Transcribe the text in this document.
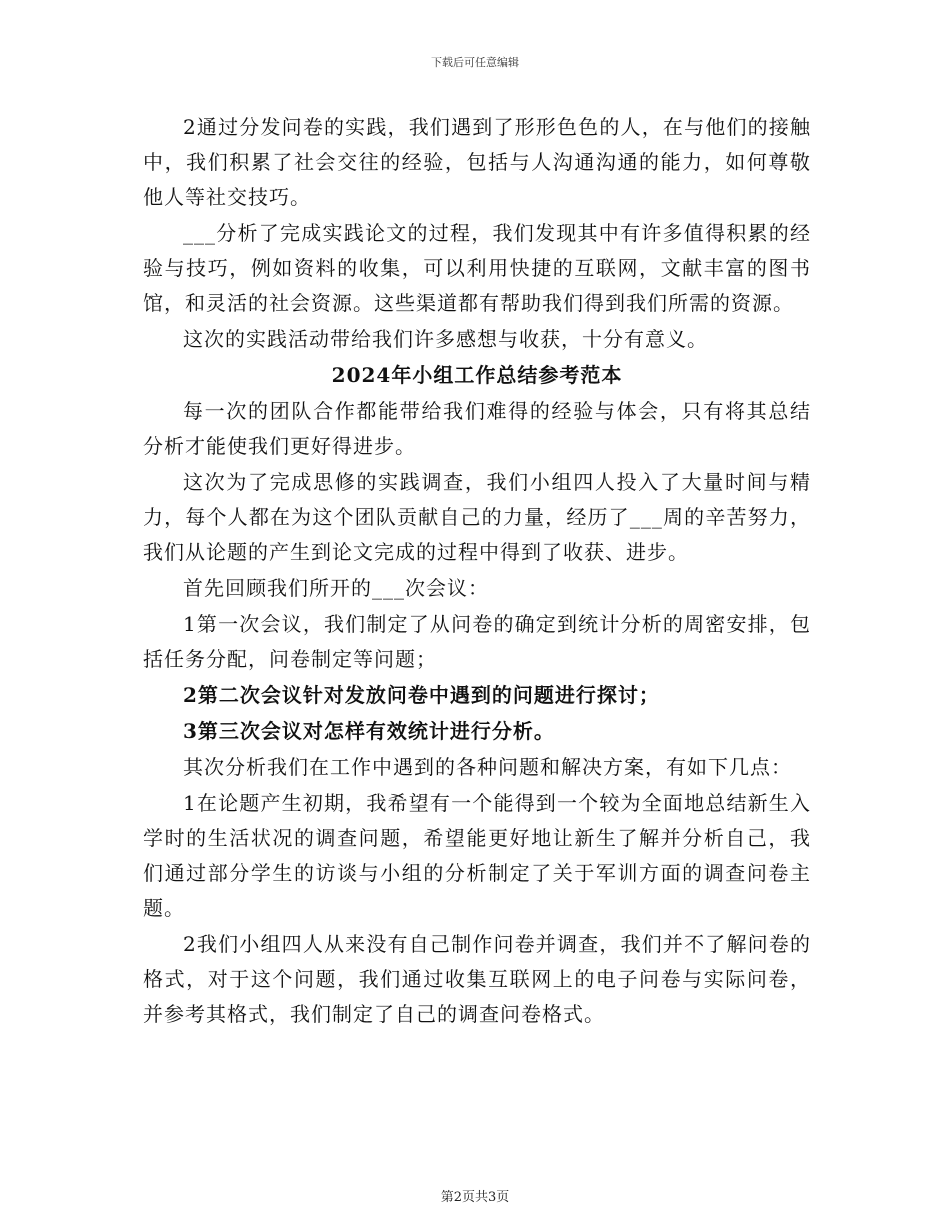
下载后可任意编辑

2通过分发问卷的实践，我们遇到了形形色色的人，在与他们的接触中，我们积累了社会交往的经验，包括与人沟通沟通的能力，如何尊敬他人等社交技巧。

___分析了完成实践论文的过程，我们发现其中有许多值得积累的经验与技巧，例如资料的收集，可以利用快捷的互联网，文献丰富的图书馆，和灵活的社会资源。这些渠道都有帮助我们得到我们所需的资源。

这次的实践活动带给我们许多感想与收获，十分有意义。

2024年小组工作总结参考范本

每一次的团队合作都能带给我们难得的经验与体会，只有将其总结分析才能使我们更好得进步。

这次为了完成思修的实践调查，我们小组四人投入了大量时间与精力，每个人都在为这个团队贡献自己的力量，经历了___周的辛苦努力，我们从论题的产生到论文完成的过程中得到了收获、进步。

首先回顾我们所开的___次会议：

1第一次会议，我们制定了从问卷的确定到统计分析的周密安排，包括任务分配，问卷制定等问题；

2第二次会议针对发放问卷中遇到的问题进行探讨；

3第三次会议对怎样有效统计进行分析。

其次分析我们在工作中遇到的各种问题和解决方案，有如下几点：

1在论题产生初期，我希望有一个能得到一个较为全面地总结新生入学时的生活状况的调查问题，希望能更好地让新生了解并分析自己，我们通过部分学生的访谈与小组的分析制定了关于军训方面的调查问卷主题。

2我们小组四人从来没有自己制作问卷并调查，我们并不了解问卷的格式，对于这个问题，我们通过收集互联网上的电子问卷与实际问卷，并参考其格式，我们制定了自己的调查问卷格式。

第2页共3页
